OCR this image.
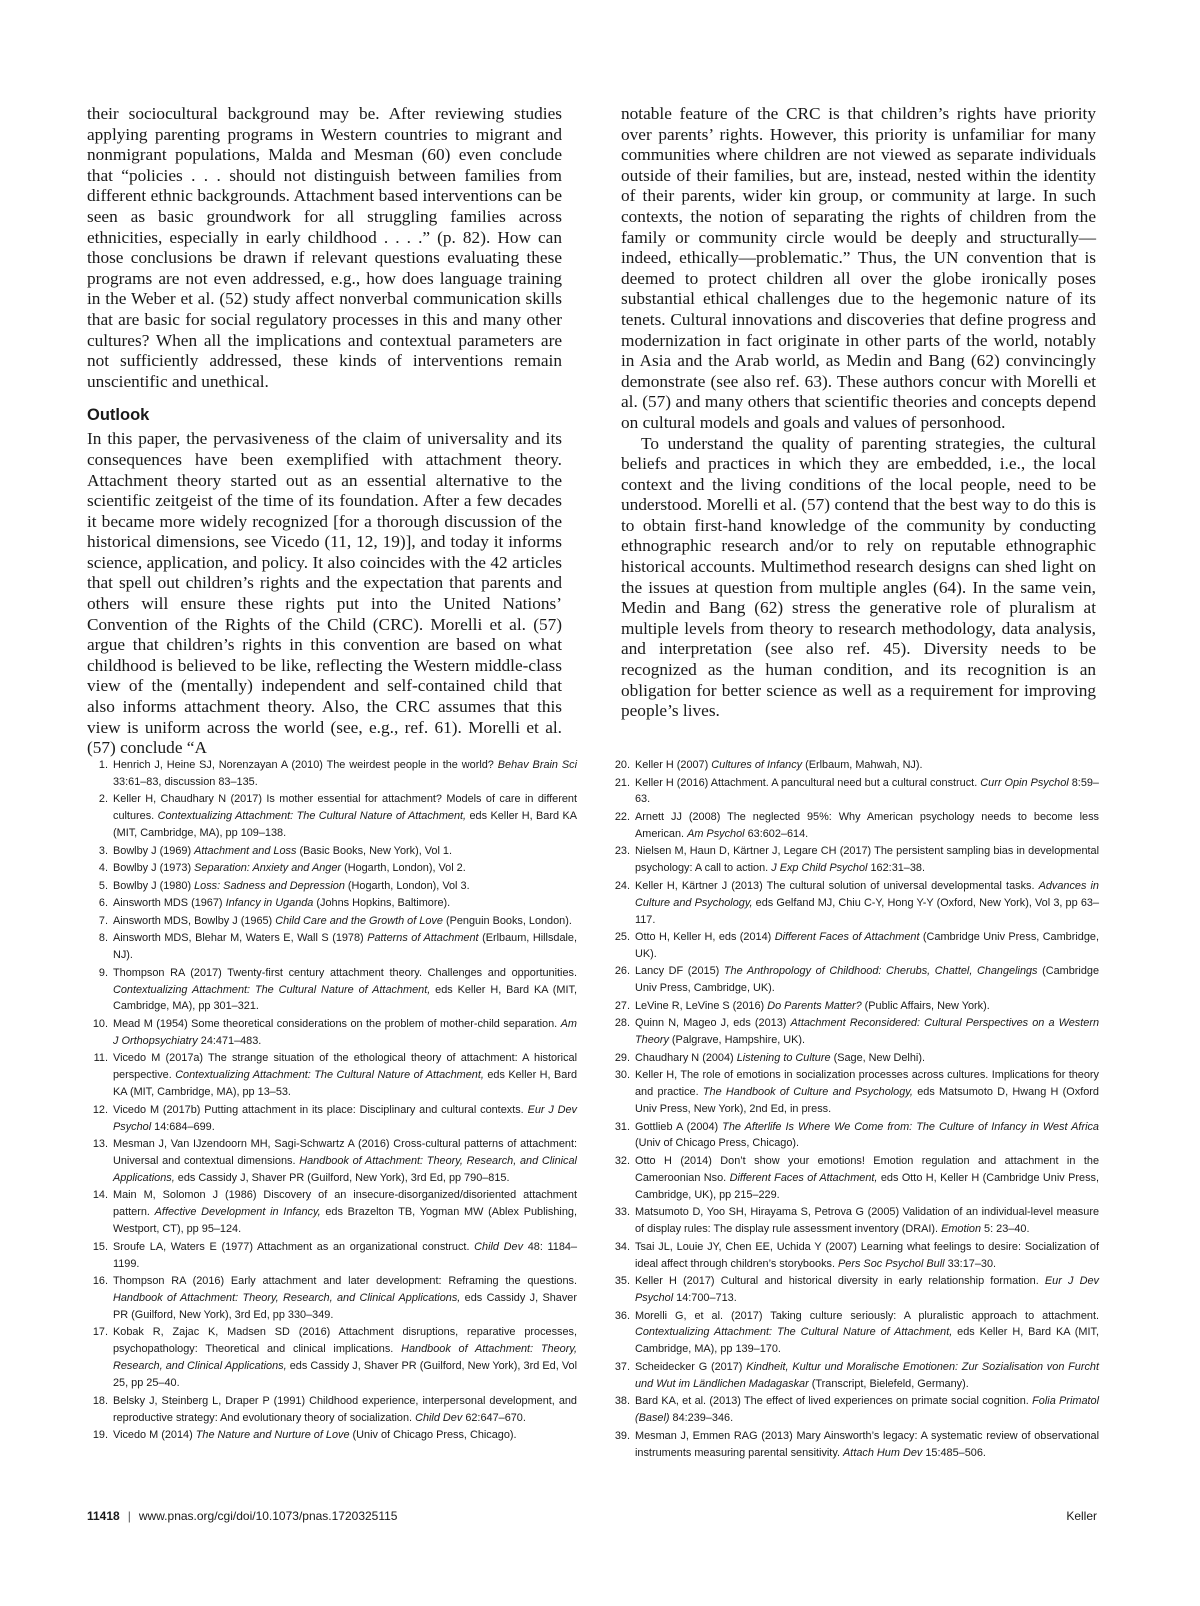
their sociocultural background may be. After reviewing studies applying parenting programs in Western countries to migrant and nonmigrant populations, Malda and Mesman (60) even conclude that “policies . . . should not distinguish between families from different ethnic backgrounds. Attachment based interventions can be seen as basic groundwork for all struggling families across ethnicities, especially in early childhood . . . .” (p. 82). How can those conclusions be drawn if relevant questions evaluating these programs are not even addressed, e.g., how does language training in the Weber et al. (52) study affect nonverbal communication skills that are basic for social regulatory processes in this and many other cultures? When all the implications and contextual parameters are not sufficiently addressed, these kinds of interventions remain unscientific and unethical.

Outlook

In this paper, the pervasiveness of the claim of universality and its consequences have been exemplified with attachment theory. Attachment theory started out as an essential alternative to the scientific zeitgeist of the time of its foundation. After a few decades it became more widely recognized [for a thorough discussion of the historical dimensions, see Vicedo (11, 12, 19)], and today it informs science, application, and policy. It also coincides with the 42 articles that spell out children’s rights and the expectation that parents and others will ensure these rights put into the United Nations’ Convention of the Rights of the Child (CRC). Morelli et al. (57) argue that children’s rights in this convention are based on what childhood is believed to be like, reflecting the Western middle-class view of the (mentally) independent and self-contained child that also informs attachment theory. Also, the CRC assumes that this view is uniform across the world (see, e.g., ref. 61). Morelli et al. (57) conclude “A

notable feature of the CRC is that children’s rights have priority over parents’ rights. However, this priority is unfamiliar for many communities where children are not viewed as separate individuals outside of their families, but are, instead, nested within the identity of their parents, wider kin group, or community at large. In such contexts, the notion of separating the rights of children from the family or community circle would be deeply and structurally—indeed, ethically—problematic.” Thus, the UN convention that is deemed to protect children all over the globe ironically poses substantial ethical challenges due to the hegemonic nature of its tenets. Cultural innovations and discoveries that define progress and modernization in fact originate in other parts of the world, notably in Asia and the Arab world, as Medin and Bang (62) convincingly demonstrate (see also ref. 63). These authors concur with Morelli et al. (57) and many others that scientific theories and concepts depend on cultural models and goals and values of personhood.

To understand the quality of parenting strategies, the cultural beliefs and practices in which they are embedded, i.e., the local context and the living conditions of the local people, need to be understood. Morelli et al. (57) contend that the best way to do this is to obtain first-hand knowledge of the community by conducting ethnographic research and/or to rely on reputable ethnographic historical accounts. Multimethod research designs can shed light on the issues at question from multiple angles (64). In the same vein, Medin and Bang (62) stress the generative role of pluralism at multiple levels from theory to research methodology, data analysis, and interpretation (see also ref. 45). Diversity needs to be recognized as the human condition, and its recognition is an obligation for better science as well as a requirement for improving people’s lives.

1. Henrich J, Heine SJ, Norenzayan A (2010) The weirdest people in the world? Behav Brain Sci 33:61–83, discussion 83–135.
2. Keller H, Chaudhary N (2017) Is mother essential for attachment? Models of care in different cultures. Contextualizing Attachment: The Cultural Nature of Attachment, eds Keller H, Bard KA (MIT, Cambridge, MA), pp 109–138.
3. Bowlby J (1969) Attachment and Loss (Basic Books, New York), Vol 1.
4. Bowlby J (1973) Separation: Anxiety and Anger (Hogarth, London), Vol 2.
5. Bowlby J (1980) Loss: Sadness and Depression (Hogarth, London), Vol 3.
6. Ainsworth MDS (1967) Infancy in Uganda (Johns Hopkins, Baltimore).
7. Ainsworth MDS, Bowlby J (1965) Child Care and the Growth of Love (Penguin Books, London).
8. Ainsworth MDS, Blehar M, Waters E, Wall S (1978) Patterns of Attachment (Erlbaum, Hillsdale, NJ).
9. Thompson RA (2017) Twenty-first century attachment theory. Challenges and opportunities. Contextualizing Attachment: The Cultural Nature of Attachment, eds Keller H, Bard KA (MIT, Cambridge, MA), pp 301–321.
10. Mead M (1954) Some theoretical considerations on the problem of mother-child separation. Am J Orthopsychiatry 24:471–483.
11. Vicedo M (2017a) The strange situation of the ethological theory of attachment: A historical perspective. Contextualizing Attachment: The Cultural Nature of Attachment, eds Keller H, Bard KA (MIT, Cambridge, MA), pp 13–53.
12. Vicedo M (2017b) Putting attachment in its place: Disciplinary and cultural contexts. Eur J Dev Psychol 14:684–699.
13. Mesman J, Van IJzendoorn MH, Sagi-Schwartz A (2016) Cross-cultural patterns of attachment: Universal and contextual dimensions. Handbook of Attachment: Theory, Research, and Clinical Applications, eds Cassidy J, Shaver PR (Guilford, New York), 3rd Ed, pp 790–815.
14. Main M, Solomon J (1986) Discovery of an insecure-disorganized/disoriented attachment pattern. Affective Development in Infancy, eds Brazelton TB, Yogman MW (Ablex Publishing, Westport, CT), pp 95–124.
15. Sroufe LA, Waters E (1977) Attachment as an organizational construct. Child Dev 48: 1184–1199.
16. Thompson RA (2016) Early attachment and later development: Reframing the questions. Handbook of Attachment: Theory, Research, and Clinical Applications, eds Cassidy J, Shaver PR (Guilford, New York), 3rd Ed, pp 330–349.
17. Kobak R, Zajac K, Madsen SD (2016) Attachment disruptions, reparative processes, psychopathology: Theoretical and clinical implications. Handbook of Attachment: Theory, Research, and Clinical Applications, eds Cassidy J, Shaver PR (Guilford, New York), 3rd Ed, Vol 25, pp 25–40.
18. Belsky J, Steinberg L, Draper P (1991) Childhood experience, interpersonal development, and reproductive strategy: And evolutionary theory of socialization. Child Dev 62:647–670.
19. Vicedo M (2014) The Nature and Nurture of Love (Univ of Chicago Press, Chicago).
20. Keller H (2007) Cultures of Infancy (Erlbaum, Mahwah, NJ).
21. Keller H (2016) Attachment. A pancultural need but a cultural construct. Curr Opin Psychol 8:59–63.
22. Arnett JJ (2008) The neglected 95%: Why American psychology needs to become less American. Am Psychol 63:602–614.
23. Nielsen M, Haun D, Kärtner J, Legare CH (2017) The persistent sampling bias in developmental psychology: A call to action. J Exp Child Psychol 162:31–38.
24. Keller H, Kärtner J (2013) The cultural solution of universal developmental tasks. Advances in Culture and Psychology, eds Gelfand MJ, Chiu C-Y, Hong Y-Y (Oxford, New York), Vol 3, pp 63–117.
25. Otto H, Keller H, eds (2014) Different Faces of Attachment (Cambridge Univ Press, Cambridge, UK).
26. Lancy DF (2015) The Anthropology of Childhood: Cherubs, Chattel, Changelings (Cambridge Univ Press, Cambridge, UK).
27. LeVine R, LeVine S (2016) Do Parents Matter? (Public Affairs, New York).
28. Quinn N, Mageo J, eds (2013) Attachment Reconsidered: Cultural Perspectives on a Western Theory (Palgrave, Hampshire, UK).
29. Chaudhary N (2004) Listening to Culture (Sage, New Delhi).
30. Keller H, The role of emotions in socialization processes across cultures. Implications for theory and practice. The Handbook of Culture and Psychology, eds Matsumoto D, Hwang H (Oxford Univ Press, New York), 2nd Ed, in press.
31. Gottlieb A (2004) The Afterlife Is Where We Come from: The Culture of Infancy in West Africa (Univ of Chicago Press, Chicago).
32. Otto H (2014) Don’t show your emotions! Emotion regulation and attachment in the Cameroonian Nso. Different Faces of Attachment, eds Otto H, Keller H (Cambridge Univ Press, Cambridge, UK), pp 215–229.
33. Matsumoto D, Yoo SH, Hirayama S, Petrova G (2005) Validation of an individual-level measure of display rules: The display rule assessment inventory (DRAI). Emotion 5: 23–40.
34. Tsai JL, Louie JY, Chen EE, Uchida Y (2007) Learning what feelings to desire: Socialization of ideal affect through children’s storybooks. Pers Soc Psychol Bull 33:17–30.
35. Keller H (2017) Cultural and historical diversity in early relationship formation. Eur J Dev Psychol 14:700–713.
36. Morelli G, et al. (2017) Taking culture seriously: A pluralistic approach to attachment. Contextualizing Attachment: The Cultural Nature of Attachment, eds Keller H, Bard KA (MIT, Cambridge, MA), pp 139–170.
37. Scheidecker G (2017) Kindheit, Kultur und Moralische Emotionen: Zur Sozialisation von Furcht und Wut im Ländlichen Madagaskar (Transcript, Bielefeld, Germany).
38. Bard KA, et al. (2013) The effect of lived experiences on primate social cognition. Folia Primatol (Basel) 84:239–346.
39. Mesman J, Emmen RAG (2013) Mary Ainsworth’s legacy: A systematic review of observational instruments measuring parental sensitivity. Attach Hum Dev 15:485–506.
11418 | www.pnas.org/cgi/doi/10.1073/pnas.1720325115	Keller
